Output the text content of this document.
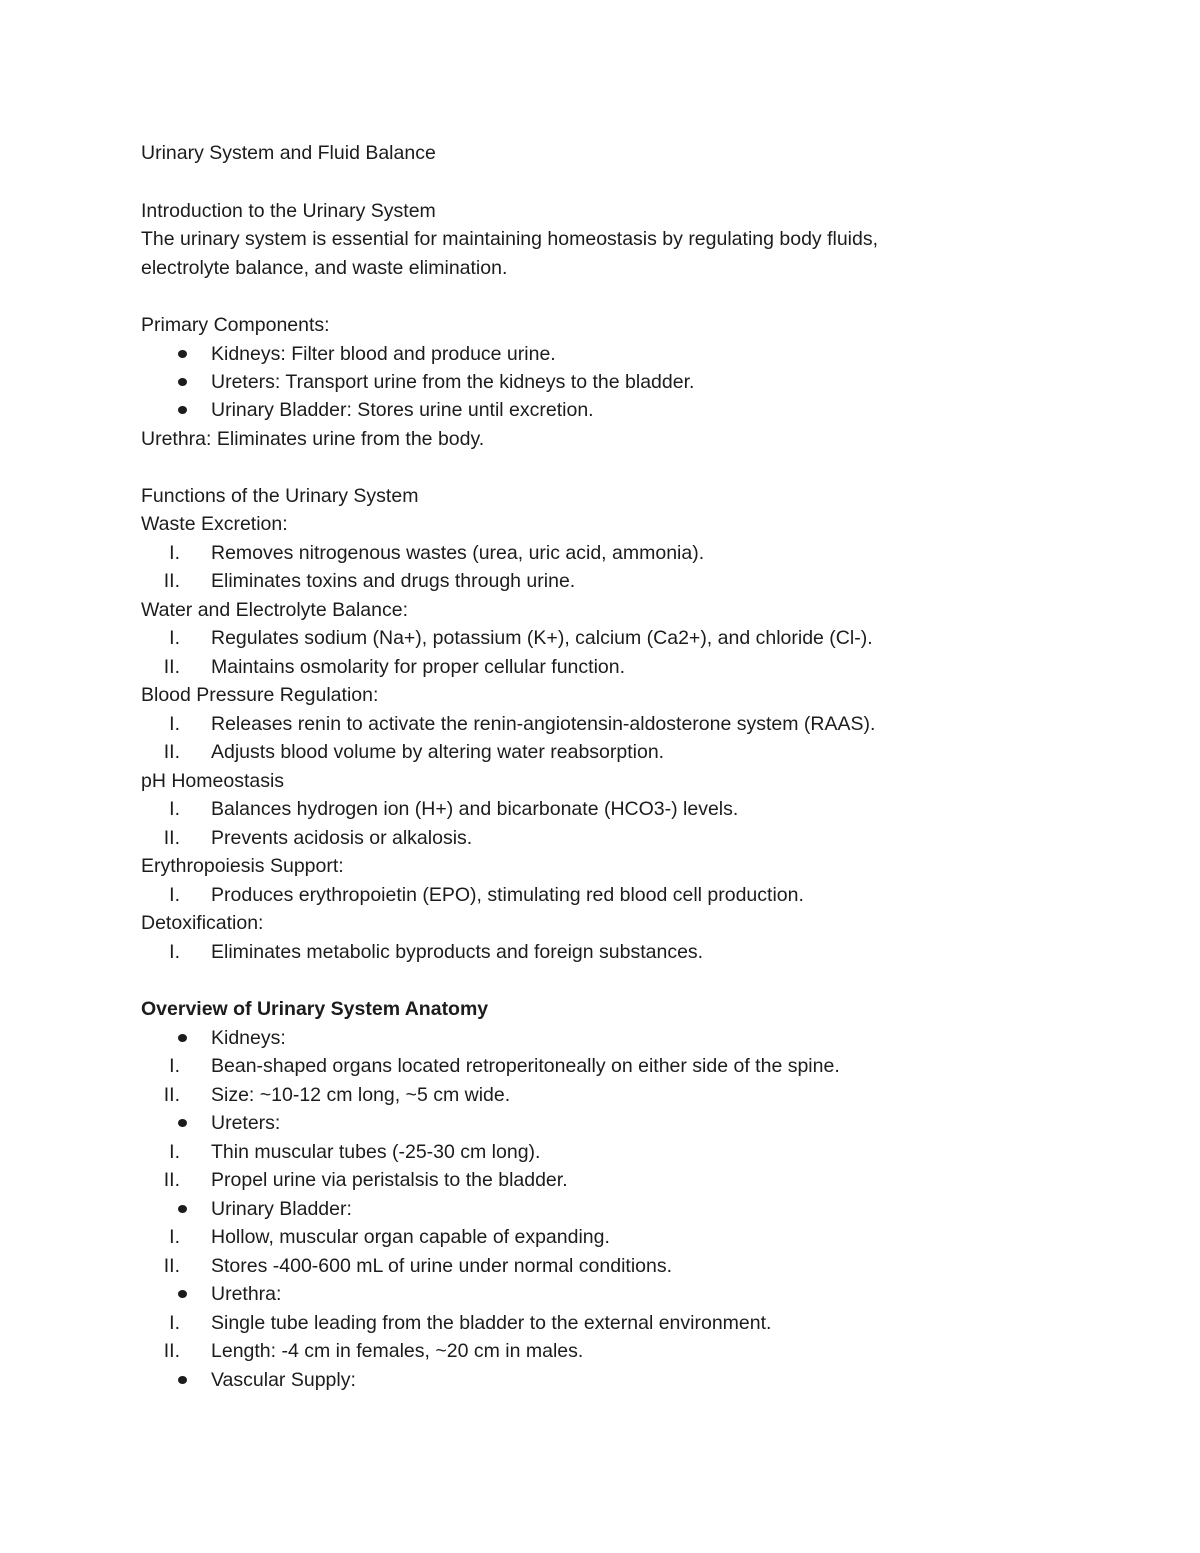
Urinary System and Fluid Balance
Introduction to the Urinary System
The urinary system is essential for maintaining homeostasis by regulating body fluids,
electrolyte balance, and waste elimination.
Primary Components:
Kidneys: Filter blood and produce urine.
Ureters: Transport urine from the kidneys to the bladder.
Urinary Bladder: Stores urine until excretion.
Urethra: Eliminates urine from the body.
Functions of the Urinary System
Waste Excretion:
I. Removes nitrogenous wastes (urea, uric acid, ammonia).
II. Eliminates toxins and drugs through urine.
Water and Electrolyte Balance:
I. Regulates sodium (Na+), potassium (K+), calcium (Ca2+), and chloride (Cl-).
II. Maintains osmolarity for proper cellular function.
Blood Pressure Regulation:
I. Releases renin to activate the renin-angiotensin-aldosterone system (RAAS).
II. Adjusts blood volume by altering water reabsorption.
pH Homeostasis
I. Balances hydrogen ion (H+) and bicarbonate (HCO3-) levels.
II. Prevents acidosis or alkalosis.
Erythropoiesis Support:
I. Produces erythropoietin (EPO), stimulating red blood cell production.
Detoxification:
I. Eliminates metabolic byproducts and foreign substances.
Overview of Urinary System Anatomy
Kidneys:
I. Bean-shaped organs located retroperitoneally on either side of the spine.
II. Size: ~10-12 cm long, ~5 cm wide.
Ureters:
I. Thin muscular tubes (-25-30 cm long).
II. Propel urine via peristalsis to the bladder.
Urinary Bladder:
I. Hollow, muscular organ capable of expanding.
II. Stores -400-600 mL of urine under normal conditions.
Urethra:
I. Single tube leading from the bladder to the external environment.
II. Length: -4 cm in females, ~20 cm in males.
Vascular Supply:
